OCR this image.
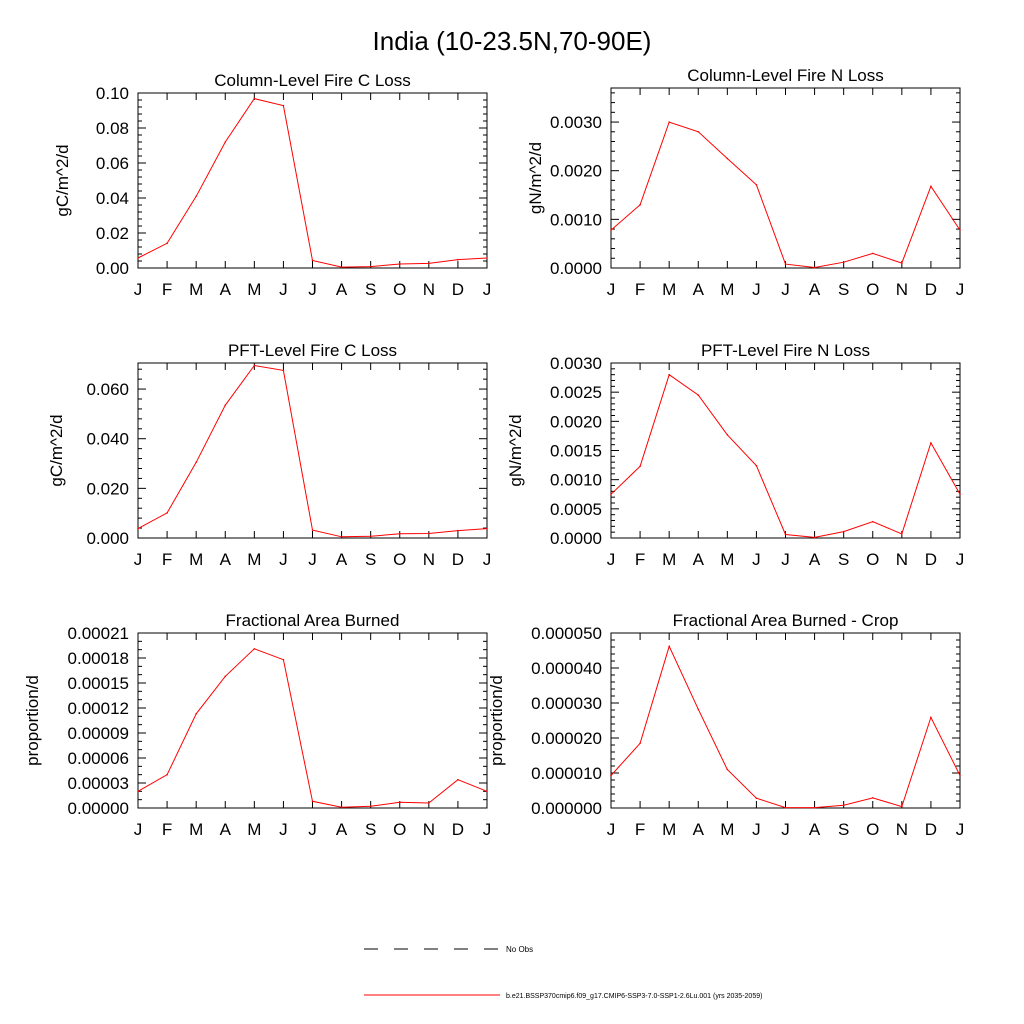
India (10-23.5N,70-90E)
Column-Level Fire C Loss
gC/m^2/d
J F M A M J J A S O N D J
0.00
0.02
0.04
0.06
0.08
0.10
Column-Level Fire N Loss
gN/m^2/d
J F M A M J J A S O N D J
0.0000
0.0010
0.0020
0.0030
PFT-Level Fire C Loss
gC/m^2/d
J F M A M J J A S O N D J
0.000
0.020
0.040
0.060
PFT-Level Fire N Loss
gN/m^2/d
J F M A M J J A S O N D J
0.0000
0.0005
0.0010
0.0015
0.0020
0.0025
0.0030
Fractional Area Burned
proportion/d
J F M A M J J A S O N D J
0.00000
0.00003
0.00006
0.00009
0.00012
0.00015
0.00018
0.00021
Fractional Area Burned - Crop
proportion/d
J F M A M J J A S O N D J
0.000000
0.000010
0.000020
0.000030
0.000040
0.000050
No Obs
b.e21.BSSP370cmip6.f09_g17.CMIP6-SSP3-7.0-SSP1-2.6Lu.001 (yrs 2035-2059)
